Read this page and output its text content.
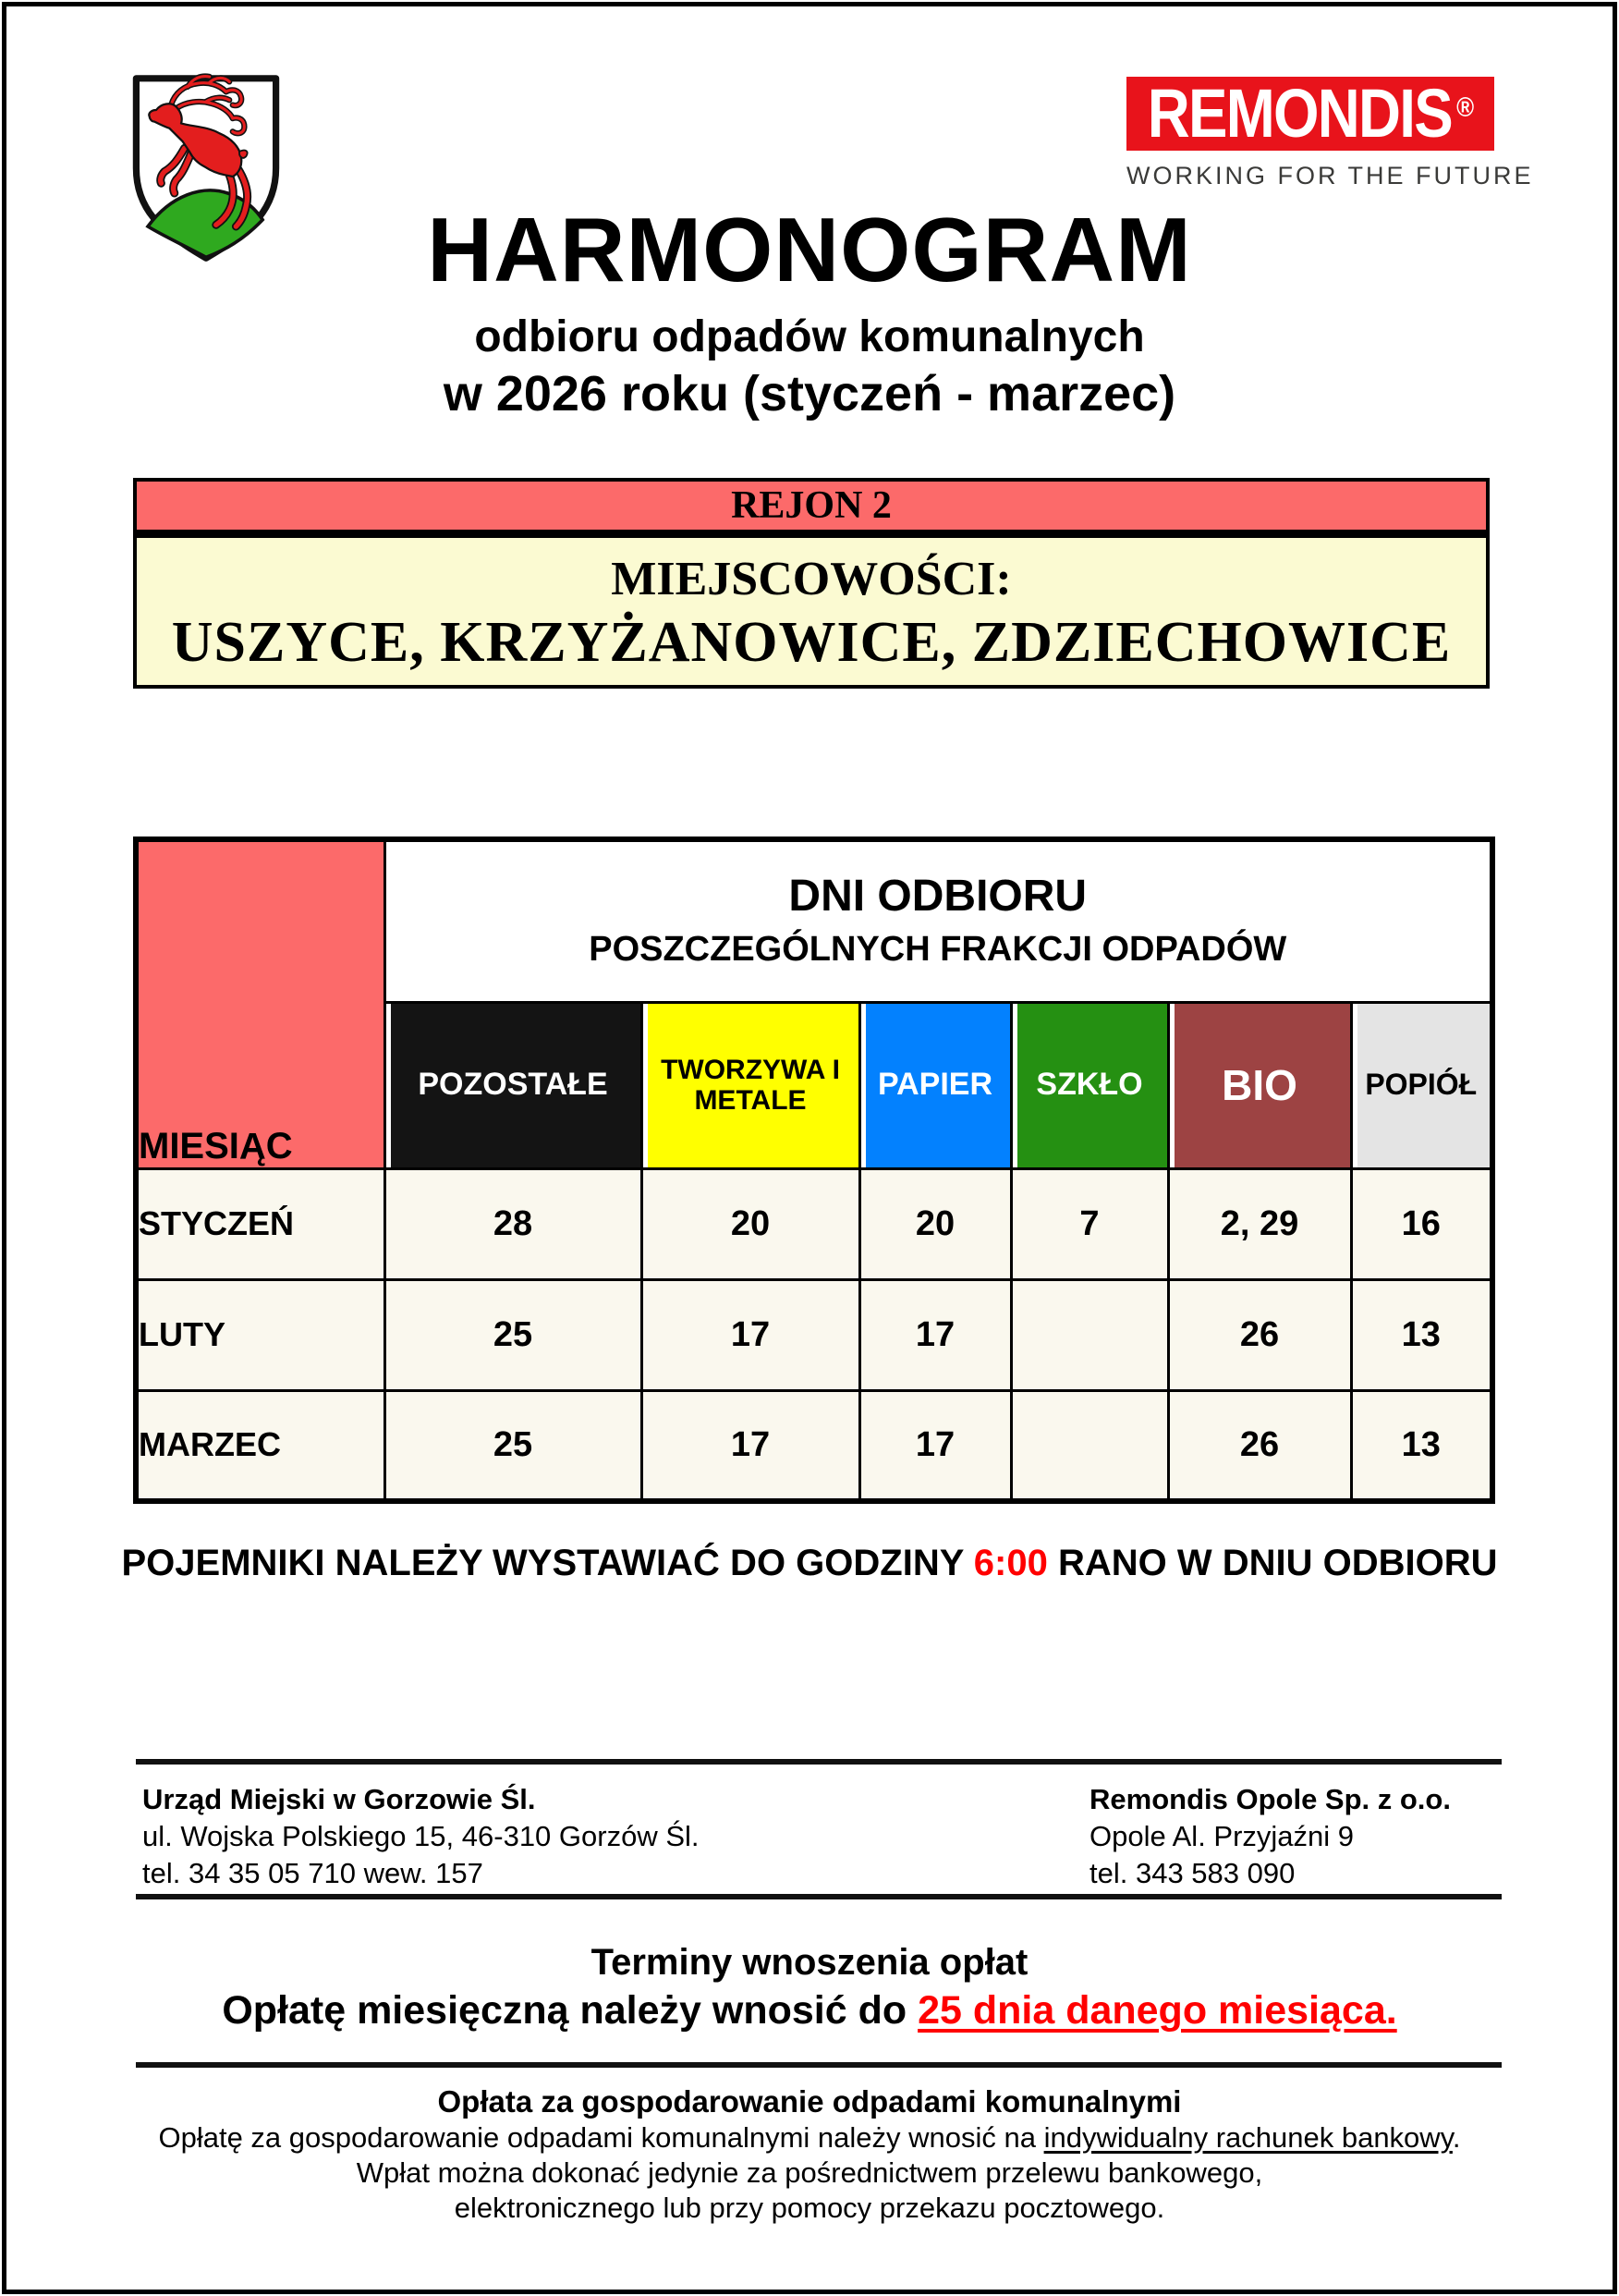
REMONDIS ®
WORKING FOR THE FUTURE
HARMONOGRAM
odbioru odpadów komunalnych
w 2026 roku (styczeń - marzec)
REJON 2
MIEJSCOWOŚCI:
USZYCE, KRZYŻANOWICE, ZDZIECHOWICE
MIESIĄC	DNI ODBIORU
POSZCZEGÓLNYCH FRAKCJI ODPADÓW					

	POZOSTAŁE	TWORZYWA I METALE	PAPIER	SZKŁO	BIO	POPIÓŁ
STYCZEŃ	28	20	20	7	2, 29	16
LUTY	25	17	17		26	13
MARZEC	25	17	17		26	13
POJEMNIKI NALEŻY WYSTAWIAĆ DO GODZINY 6:00 RANO W DNIU ODBIORU
Urząd Miejski w Gorzowie Śl.
ul. Wojska Polskiego 15, 46-310 Gorzów Śl.
tel. 34 35 05 710 wew. 157
Remondis Opole Sp. z o.o.
Opole Al. Przyjaźni 9
tel. 343 583 090
Terminy wnoszenia opłat
Opłatę miesięczną należy wnosić do 25 dnia danego miesiąca.
Opłata za gospodarowanie odpadami komunalnymi
Opłatę za gospodarowanie odpadami komunalnymi należy wnosić na indywidualny rachunek bankowy.
Wpłat można dokonać jedynie za pośrednictwem przelewu bankowego,
elektronicznego lub przy pomocy przekazu pocztowego.
